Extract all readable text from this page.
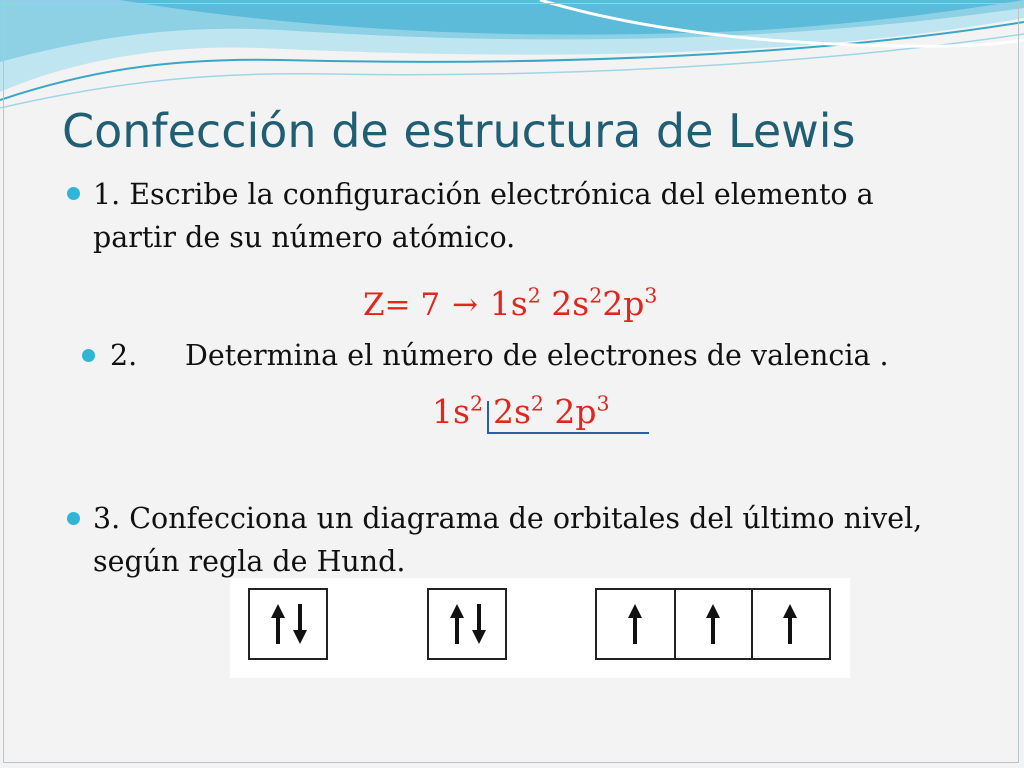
Confección de estructura de Lewis

1. Escribe la configuración electrónica del elemento a partir de su número atómico.

$Z= 7 \to 1s^2$ $2s^22p^3$

2. Determina el número de electrones de valencia .

$1s^2$ $2s^2$ $2p^3$

3. Confecciona un diagrama de orbitales del último nivel, según regla de Hund.
